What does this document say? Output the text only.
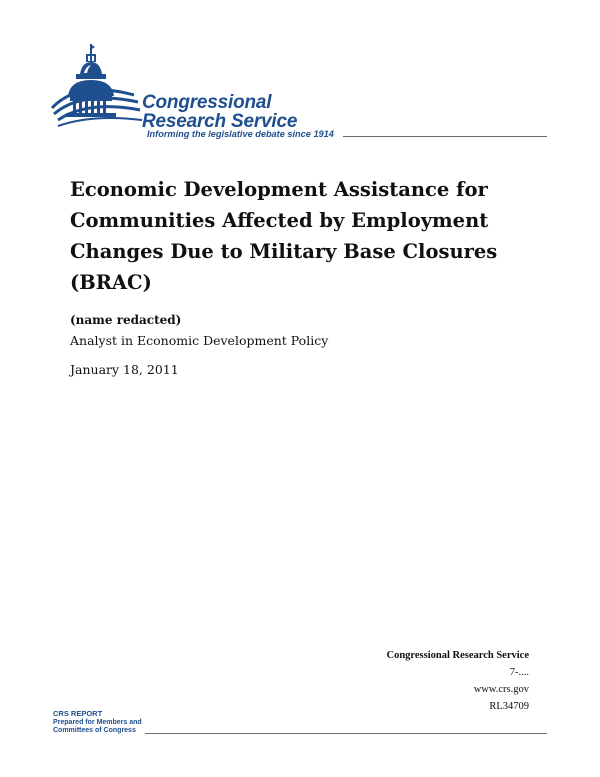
Congressional
Research Service
Informing the legislative debate since 1914
Economic Development Assistance for Communities Affected by Employment Changes Due to Military Base Closures (BRAC)
(name redacted)
Analyst in Economic Development Policy
January 18, 2011
Congressional Research Service
7-....
www.crs.gov
RL34709
CRS REPORT
Prepared for Members and
Committees of Congress
